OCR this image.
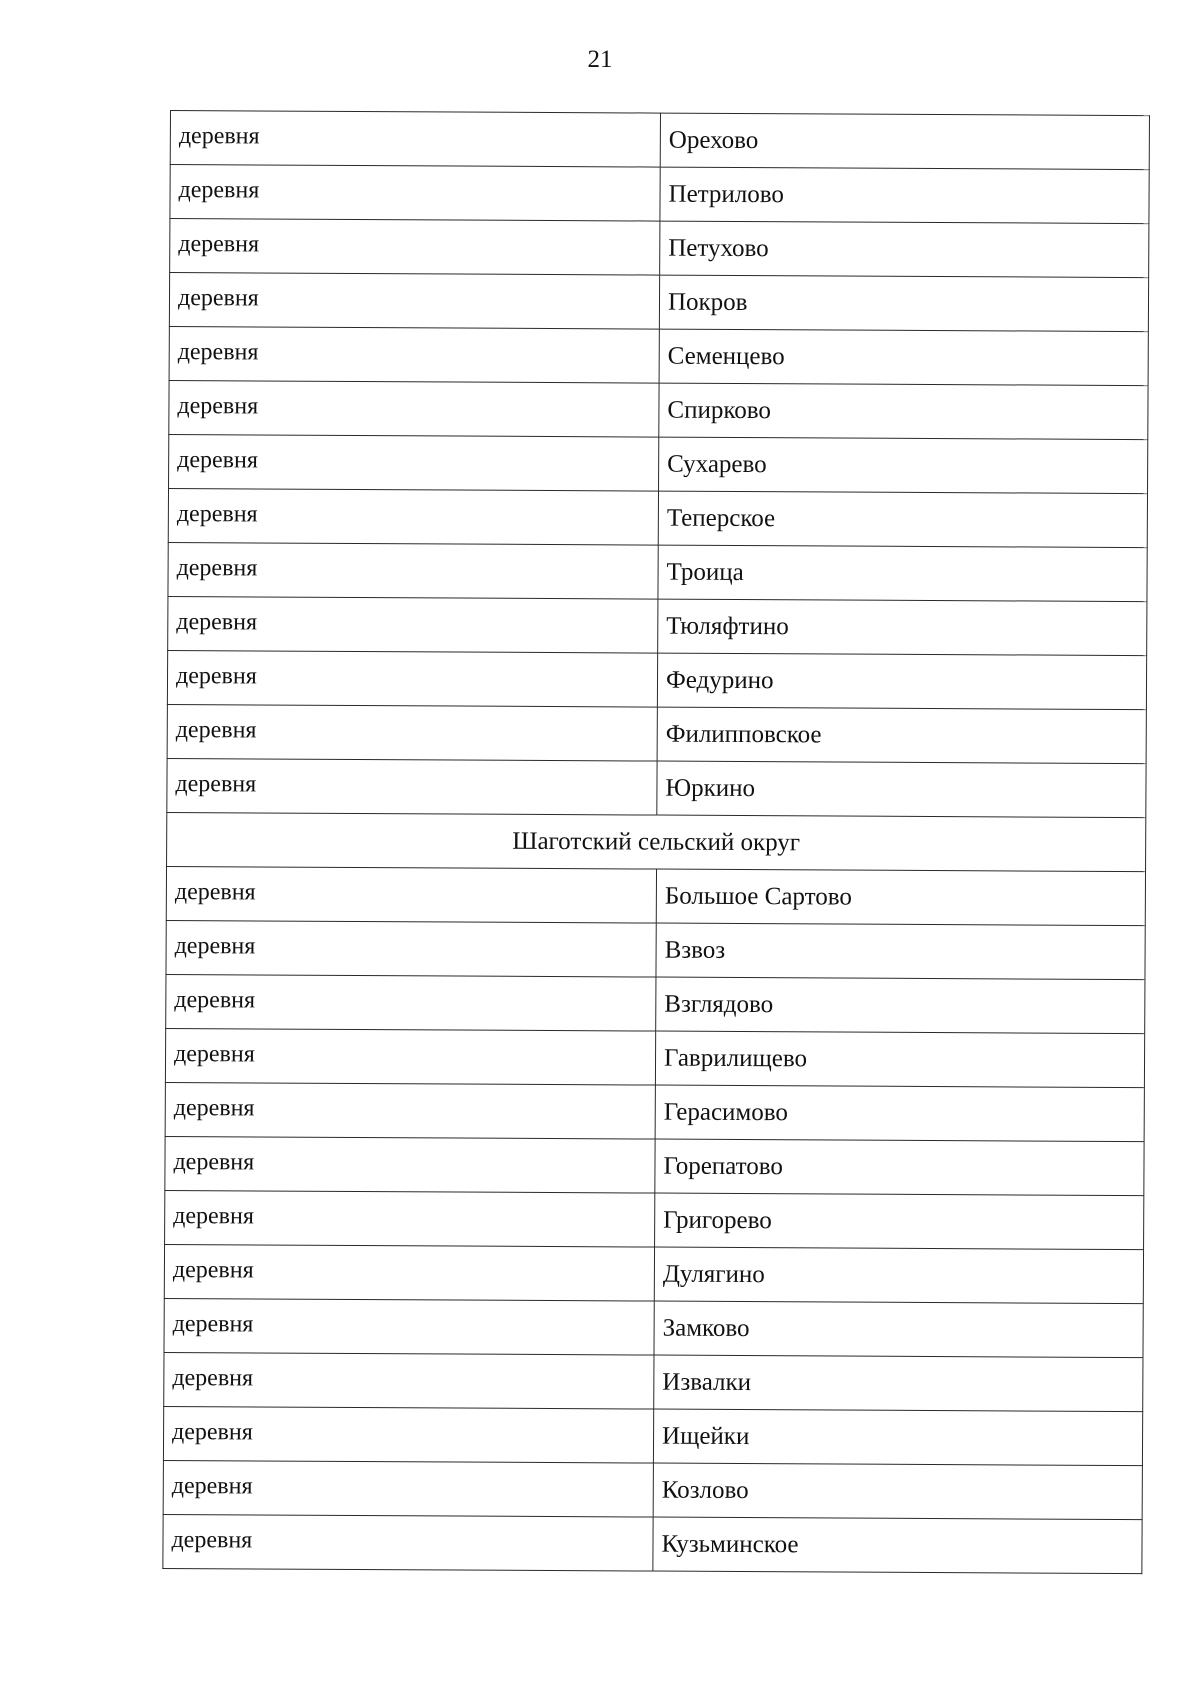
21
деревня	Орехово
деревня	Петрилово
деревня	Петухово
деревня	Покров
деревня	Семенцево
деревня	Спирково
деревня	Сухарево
деревня	Теперское
деревня	Троица
деревня	Тюляфтино
деревня	Федурино
деревня	Филипповское
деревня	Юркино
Шаготский сельский округ	
деревня	Большое Сартово
деревня	Взвоз
деревня	Взглядово
деревня	Гаврилищево
деревня	Герасимово
деревня	Горепатово
деревня	Григорево
деревня	Дулягино
деревня	Замково
деревня	Извалки
деревня	Ищейки
деревня	Козлово
деревня	Кузьминское
